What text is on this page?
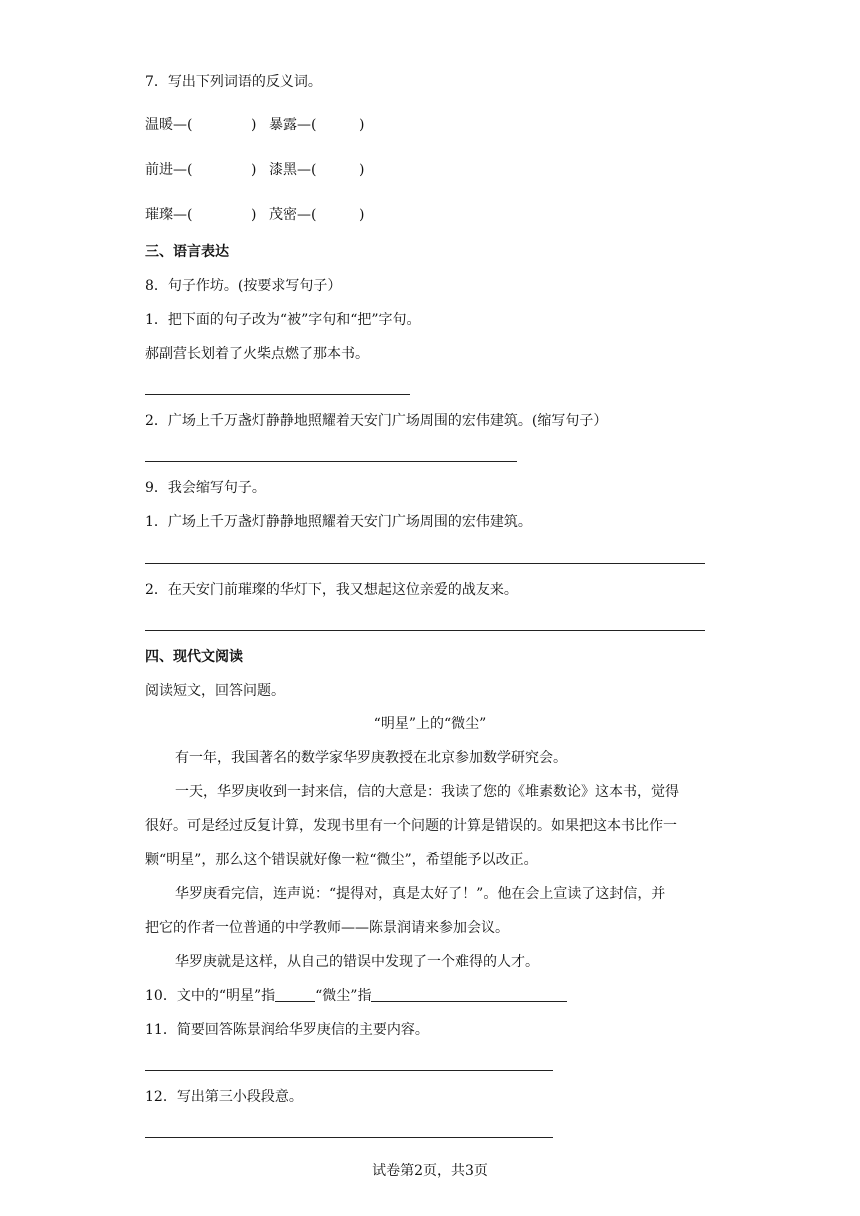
7．写出下列词语的反义词。
温暖—(	) 暴露—(	)
前进—(	) 漆黑—(	)
璀璨—(	) 茂密—(	)
三、语言表达
8．句子作坊。(按要求写句子）
1．把下面的句子改为“被”字句和“把”字句。
郝副营长划着了火柴点燃了那本书。
2．广场上千万盏灯静静地照耀着天安门广场周围的宏伟建筑。(缩写句子）
9．我会缩写句子。
1．广场上千万盏灯静静地照耀着天安门广场周围的宏伟建筑。
2．在天安门前璀璨的华灯下，我又想起这位亲爱的战友来。
四、现代文阅读
阅读短文，回答问题。
“明星”上的“微尘”
有一年，我国著名的数学家华罗庚教授在北京参加数学研究会。
一天，华罗庚收到一封来信，信的大意是：我读了您的《堆素数论》这本书，觉得
很好。可是经过反复计算，发现书里有一个问题的计算是错误的。如果把这本书比作一
颗“明星”，那么这个错误就好像一粒“微尘”，希望能予以改正。
华罗庚看完信，连声说：“提得对，真是太好了！”。他在会上宣读了这封信，并
把它的作者一位普通的中学教师——陈景润请来参加会议。
华罗庚就是这样，从自己的错误中发现了一个难得的人才。
10．文中的“明星”指	“微尘”指
11．简要回答陈景润给华罗庚信的主要内容。
12．写出第三小段段意。
试卷第2页，共3页
